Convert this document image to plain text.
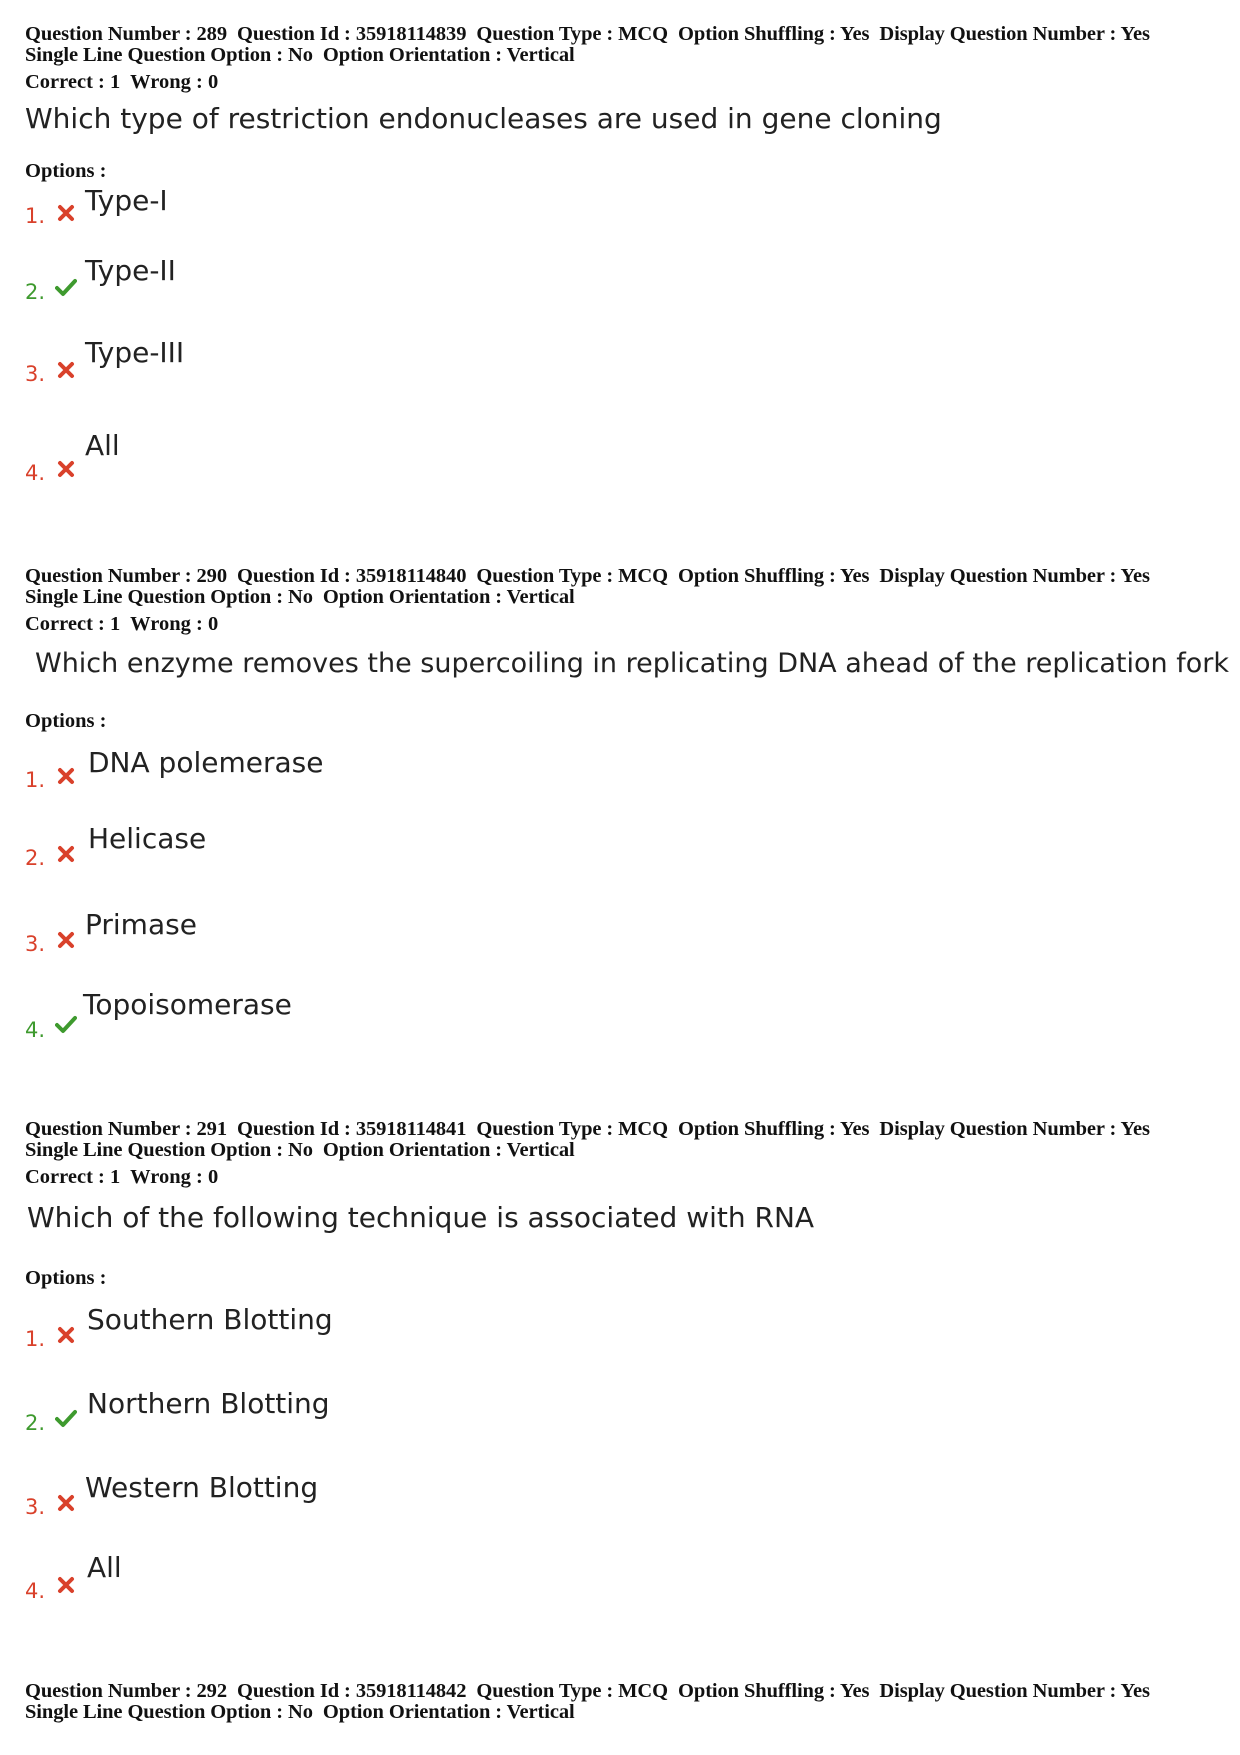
Question Number : 289 Question Id : 35918114839 Question Type : MCQ Option Shuffling : Yes Display Question Number : Yes
Single Line Question Option : No Option Orientation : Vertical
Correct : 1 Wrong : 0
Which type of restriction endonucleases are used in gene cloning
Options :
1. Type-I
2.
Type-II
3.
Type-III
4.
All
Question Number : 290 Question Id : 35918114840 Question Type : MCQ Option Shuffling : Yes Display Question Number : Yes
Single Line Question Option : No Option Orientation : Vertical
Correct : 1 Wrong : 0
Which enzyme removes the supercoiling in replicating DNA ahead of the replication fork
Options :
1.
DNA polemerase
2.
Helicase
3.
Primase
4.
Topoisomerase
Question Number : 291 Question Id : 35918114841 Question Type : MCQ Option Shuffling : Yes Display Question Number : Yes
Single Line Question Option : No Option Orientation : Vertical
Correct : 1 Wrong : 0
Which of the following technique is associated with RNA
Options :
1.
Southern Blotting
2.
Northern Blotting
3.
Western Blotting
4.
All
Question Number : 292 Question Id : 35918114842 Question Type : MCQ Option Shuffling : Yes Display Question Number : Yes
Single Line Question Option : No Option Orientation : Vertical
